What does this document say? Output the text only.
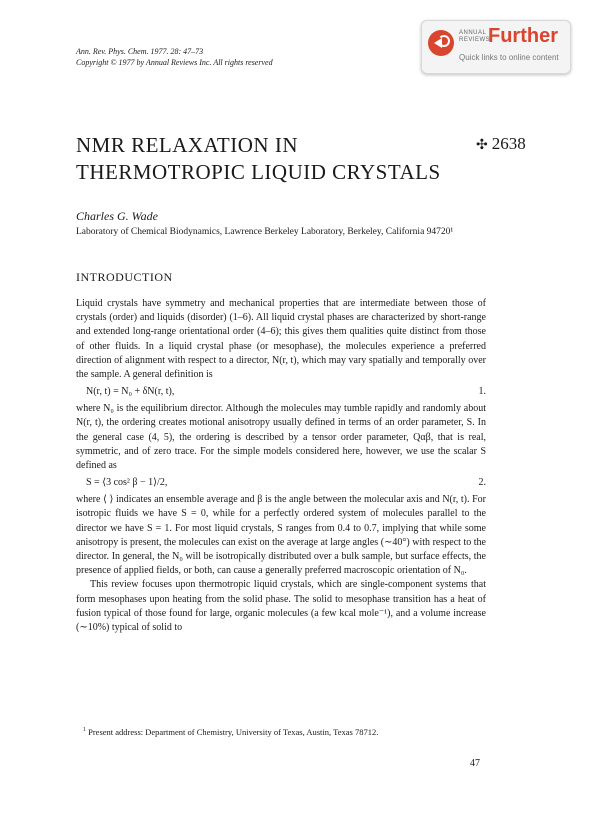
Ann. Rev. Phys. Chem. 1977. 28: 47–73
Copyright © 1977 by Annual Reviews Inc. All rights reserved
ANNUAL REVIEWS
Further
Quick links to online content
NMR RELAXATION IN
THERMOTROPIC LIQUID CRYSTALS
✣ 2638
Charles G. Wade
Laboratory of Chemical Biodynamics, Lawrence Berkeley Laboratory, Berkeley, California 94720¹
INTRODUCTION

Liquid crystals have symmetry and mechanical properties that are intermediate between those of crystals (order) and liquids (disorder) (1–6). All liquid crystal phases are characterized by short-range and extended long-range orientational order (4–6); this gives them qualities quite distinct from those of other fluids. In a liquid crystal phase (or mesophase), the molecules experience a preferred direction of alignment with respect to a director, N(r, t), which may vary spatially and temporally over the sample. A general definition is

N(r, t) = N₀ + δN(r, t),	1.

where N₀ is the equilibrium director. Although the molecules may tumble rapidly and randomly about N(r, t), the ordering creates motional anisotropy usually defined in terms of an order parameter, S. In the general case (4, 5), the ordering is described by a tensor order parameter, Qαβ, that is real, symmetric, and of zero trace. For the simple models considered here, however, we use the scalar S defined as

S = ⟨3 cos² β − 1⟩/2,	2.

where ⟨ ⟩ indicates an ensemble average and β is the angle between the molecular axis and N(r, t). For isotropic fluids we have S = 0, while for a perfectly ordered system of molecules parallel to the director we have S = 1. For most liquid crystals, S ranges from 0.4 to 0.7, implying that while some anisotropy is present, the molecules can exist on the average at large angles (∼40°) with respect to the director. In general, the N₀ will be isotropically distributed over a bulk sample, but surface effects, the presence of applied fields, or both, can cause a generally preferred macroscopic orientation of N₀.

This review focuses upon thermotropic liquid crystals, which are single-component systems that form mesophases upon heating from the solid phase. The solid to mesophase transition has a heat of fusion typical of those found for large, organic molecules (a few kcal mole⁻¹), and a volume increase (∼10%) typical of solid to

$^1$ Present address: Department of Chemistry, University of Texas, Austin, Texas 78712.
47
